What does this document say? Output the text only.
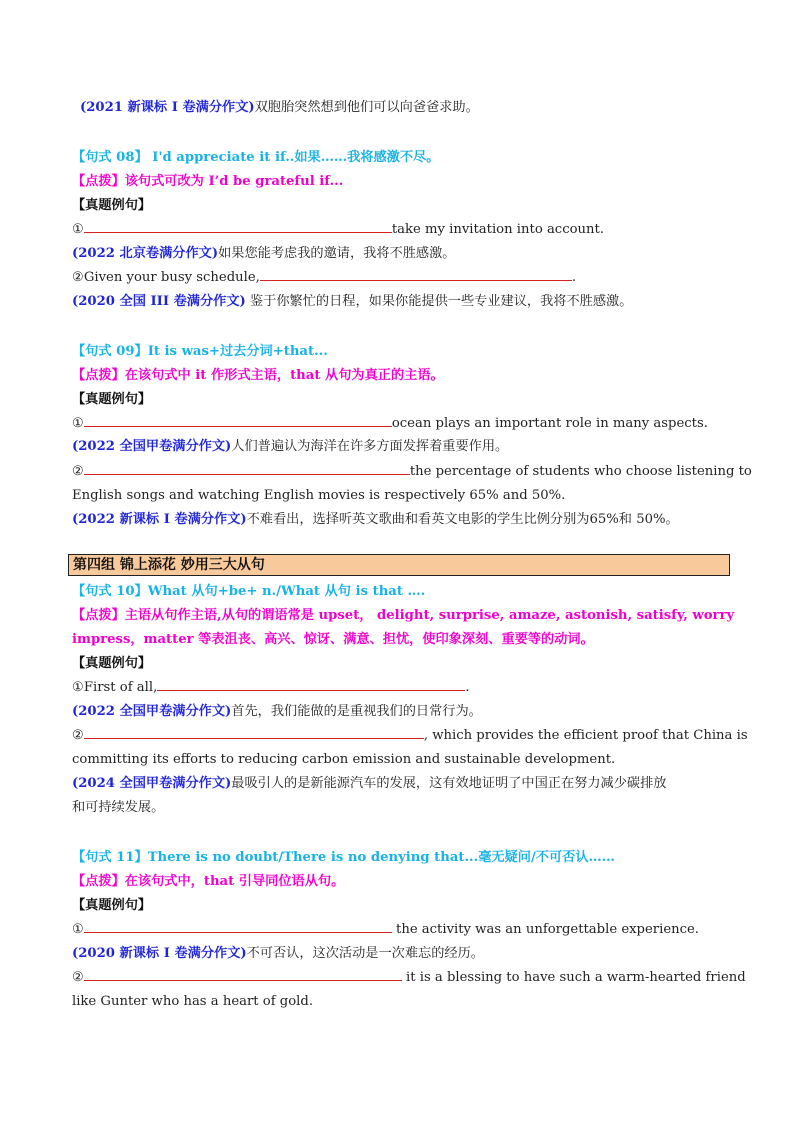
(2021 新课标 I 卷满分作文)双胞胎突然想到他们可以向爸爸求助。
【句式 08】 I'd appreciate it if..如果……我将感激不尽。
【点拨】该句式可改为 I’d be grateful if...
【真题例句】
①	take my invitation into account.
(2022 北京卷满分作文)如果您能考虑我的邀请，我将不胜感激。
②Given your busy schedule,	.
(2020 全国 III 卷满分作文) 鉴于你繁忙的日程，如果你能提供一些专业建议，我将不胜感激。
【句式 09】It is was+过去分词+that...
【点拨】在该句式中 it 作形式主语，that 从句为真正的主语。
【真题例句】
①	ocean plays an important role in many aspects.
(2022 全国甲卷满分作文)人们普遍认为海洋在许多方面发挥着重要作用。
②	the percentage of students who choose listening to
English songs and watching English movies is respectively 65% and 50%.
(2022 新课标 I 卷满分作文)不难看出，选择听英文歌曲和看英文电影的学生比例分别为65%和 50%。
第四组 锦上添花 妙用三大从句
【句式 10】What 从句+be+ n./What 从句 is that ….
【点拨】主语从句作主语,从句的谓语常是 upset， delight, surprise, amaze, astonish, satisfy, worry
impress，matter 等表沮丧、高兴、惊讶、满意、担忧，使印象深刻、重要等的动词。
【真题例句】
①First of all,	.
(2022 全国甲卷满分作文)首先，我们能做的是重视我们的日常行为。
②	, which provides the efficient proof that China is
committing its efforts to reducing carbon emission and sustainable development.
(2024 全国甲卷满分作文)最吸引人的是新能源汽车的发展，这有效地证明了中国正在努力减少碳排放
和可持续发展。
【句式 11】There is no doubt/There is no denying that...毫无疑问/不可否认……
【点拨】在该句式中，that 引导同位语从句。
【真题例句】
①	the activity was an unforgettable experience.
(2020 新课标 I 卷满分作文)不可否认，这次活动是一次难忘的经历。
②	it is a blessing to have such a warm-hearted friend
like Gunter who has a heart of gold.
